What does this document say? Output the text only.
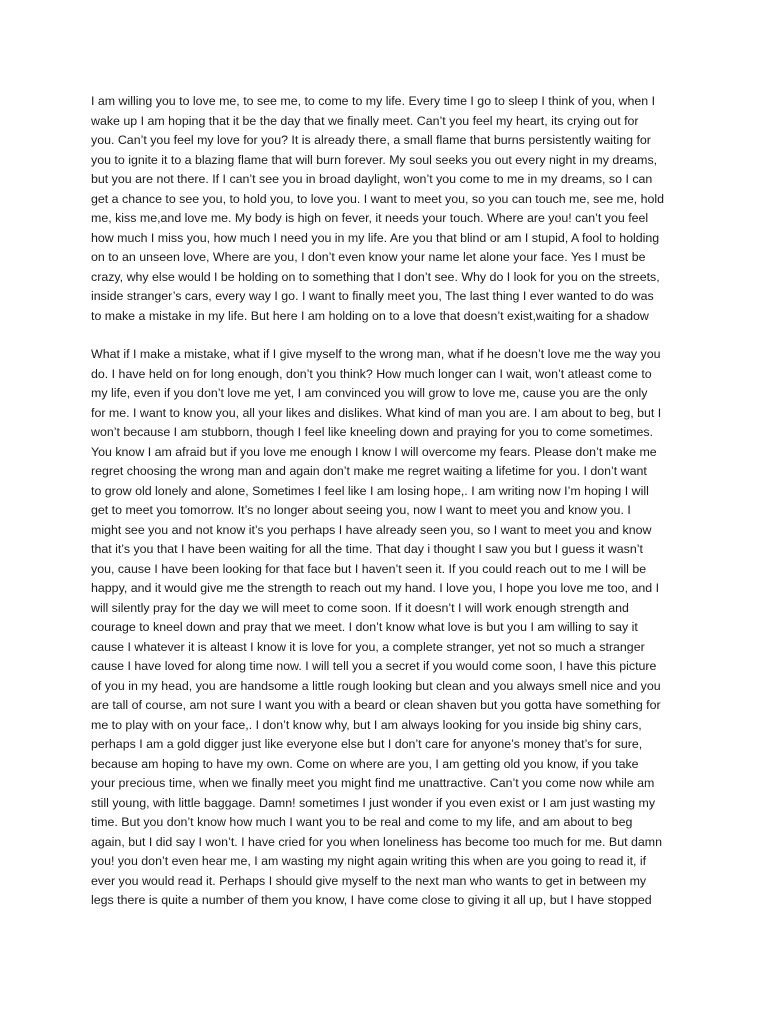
I am willing you to love me, to see me, to come to my life. Every time I go to sleep I think of you, when I
wake up I am hoping that it be the day that we finally meet. Can’t you feel my heart, its crying out for
you. Can’t you feel my love for you? It is already there, a small flame that burns persistently waiting for
you to ignite it to a blazing flame that will burn forever. My soul seeks you out every night in my dreams,
but you are not there. If I can’t see you in broad daylight, won’t you come to me in my dreams, so I can
get a chance to see you, to hold you, to love you. I want to meet you, so you can touch me, see me, hold
me, kiss me,and love me. My body is high on fever, it needs your touch. Where are you! can’t you feel
how much I miss you, how much I need you in my life. Are you that blind or am I stupid, A fool to holding
on to an unseen love, Where are you, I don’t even know your name let alone your face. Yes I must be
crazy, why else would I be holding on to something that I don’t see. Why do I look for you on the streets,
inside stranger’s cars, every way I go. I want to finally meet you, The last thing I ever wanted to do was
to make a mistake in my life. But here I am holding on to a love that doesn’t exist,waiting for a shadow
What if I make a mistake, what if I give myself to the wrong man, what if he doesn’t love me the way you
do. I have held on for long enough, don’t you think? How much longer can I wait, won’t atleast come to
my life, even if you don’t love me yet, I am convinced you will grow to love me, cause you are the only
for me. I want to know you, all your likes and dislikes. What kind of man you are. I am about to beg, but I
won’t because I am stubborn, though I feel like kneeling down and praying for you to come sometimes.
You know I am afraid but if you love me enough I know I will overcome my fears. Please don’t make me
regret choosing the wrong man and again don’t make me regret waiting a lifetime for you. I don’t want
to grow old lonely and alone, Sometimes I feel like I am losing hope,. I am writing now I’m hoping I will
get to meet you tomorrow. It’s no longer about seeing you, now I want to meet you and know you. I
might see you and not know it’s you perhaps I have already seen you, so I want to meet you and know
that it’s you that I have been waiting for all the time. That day i thought I saw you but I guess it wasn’t
you, cause I have been looking for that face but I haven’t seen it. If you could reach out to me I will be
happy, and it would give me the strength to reach out my hand. I love you, I hope you love me too, and I
will silently pray for the day we will meet to come soon. If it doesn’t I will work enough strength and
courage to kneel down and pray that we meet. I don’t know what love is but you I am willing to say it
cause I whatever it is alteast I know it is love for you, a complete stranger, yet not so much a stranger
cause I have loved for along time now. I will tell you a secret if you would come soon, I have this picture
of you in my head, you are handsome a little rough looking but clean and you always smell nice and you
are tall of course, am not sure I want you with a beard or clean shaven but you gotta have something for
me to play with on your face,. I don’t know why, but I am always looking for you inside big shiny cars,
perhaps I am a gold digger just like everyone else but I don’t care for anyone’s money that’s for sure,
because am hoping to have my own. Come on where are you, I am getting old you know, if you take
your precious time, when we finally meet you might find me unattractive. Can’t you come now while am
still young, with little baggage. Damn! sometimes I just wonder if you even exist or I am just wasting my
time. But you don’t know how much I want you to be real and come to my life, and am about to beg
again, but I did say I won’t. I have cried for you when loneliness has become too much for me. But damn
you! you don’t even hear me, I am wasting my night again writing this when are you going to read it, if
ever you would read it. Perhaps I should give myself to the next man who wants to get in between my
legs there is quite a number of them you know, I have come close to giving it all up, but I have stopped
